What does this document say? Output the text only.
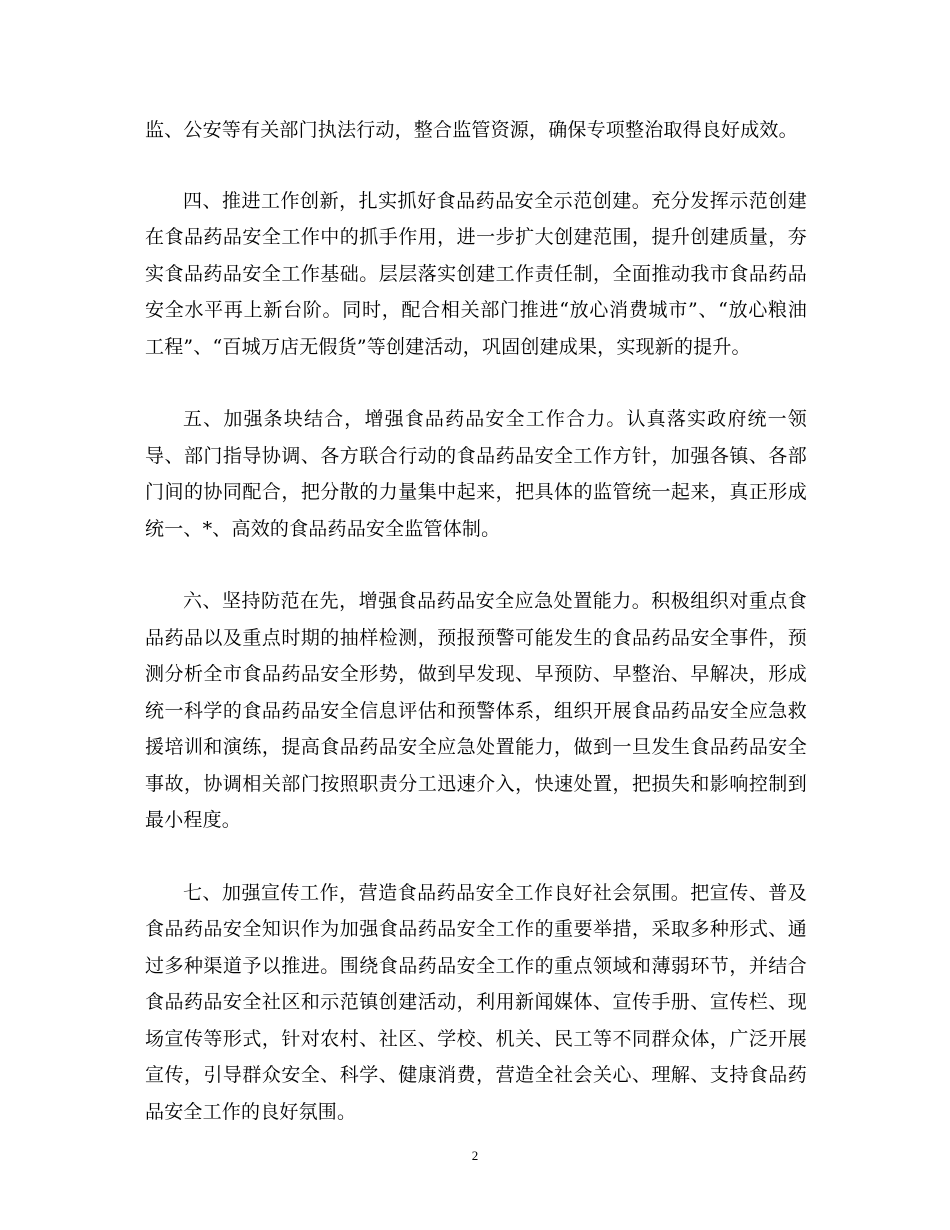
监、公安等有关部门执法行动，整合监管资源，确保专项整治取得良好成效。

四、推进工作创新，扎实抓好食品药品安全示范创建。充分发挥示范创建在食品药品安全工作中的抓手作用，进一步扩大创建范围，提升创建质量，夯实食品药品安全工作基础。层层落实创建工作责任制，全面推动我市食品药品安全水平再上新台阶。同时，配合相关部门推进“放心消费城市”、“放心粮油工程”、“百城万店无假货”等创建活动，巩固创建成果，实现新的提升。

五、加强条块结合，增强食品药品安全工作合力。认真落实政府统一领导、部门指导协调、各方联合行动的食品药品安全工作方针，加强各镇、各部门间的协同配合，把分散的力量集中起来，把具体的监管统一起来，真正形成统一、*、高效的食品药品安全监管体制。

六、坚持防范在先，增强食品药品安全应急处置能力。积极组织对重点食品药品以及重点时期的抽样检测，预报预警可能发生的食品药品安全事件，预测分析全市食品药品安全形势，做到早发现、早预防、早整治、早解决，形成统一科学的食品药品安全信息评估和预警体系，组织开展食品药品安全应急救援培训和演练，提高食品药品安全应急处置能力，做到一旦发生食品药品安全事故，协调相关部门按照职责分工迅速介入，快速处置，把损失和影响控制到最小程度。

七、加强宣传工作，营造食品药品安全工作良好社会氛围。把宣传、普及食品药品安全知识作为加强食品药品安全工作的重要举措，采取多种形式、通过多种渠道予以推进。围绕食品药品安全工作的重点领域和薄弱环节，并结合食品药品安全社区和示范镇创建活动，利用新闻媒体、宣传手册、宣传栏、现场宣传等形式，针对农村、社区、学校、机关、民工等不同群众体，广泛开展宣传，引导群众安全、科学、健康消费，营造全社会关心、理解、支持食品药品安全工作的良好氛围。

2
